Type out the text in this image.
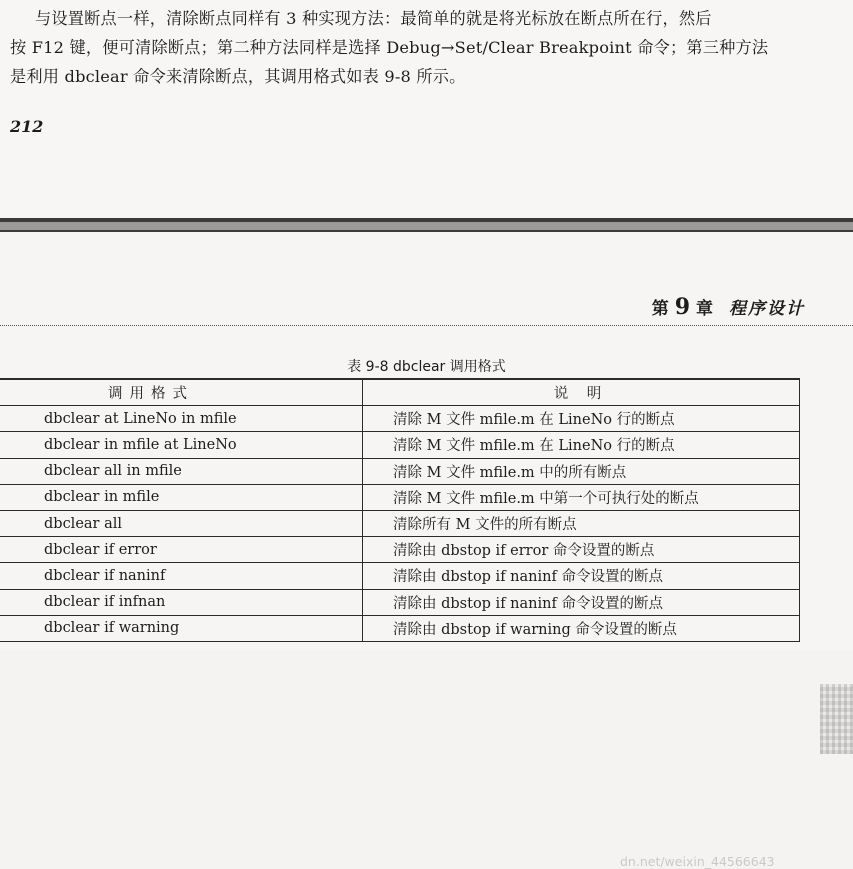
与设置断点一样，清除断点同样有 3 种实现方法：最简单的就是将光标放在断点所在行，然后
按 F12 键，便可清除断点；第二种方法同样是选择 Debug→Set/Clear Breakpoint 命令；第三种方法
是利用 dbclear 命令来清除断点，其调用格式如表 9-8 所示。
212
第 9 章 程序设计
表 9-8 dbclear 调用格式
调用格式	说 明
dbclear at LineNo in mfile	清除 M 文件 mfile.m 在 LineNo 行的断点
dbclear in mfile at LineNo	清除 M 文件 mfile.m 在 LineNo 行的断点
dbclear all in mfile	清除 M 文件 mfile.m 中的所有断点
dbclear in mfile	清除 M 文件 mfile.m 中第一个可执行处的断点
dbclear all	清除所有 M 文件的所有断点
dbclear if error	清除由 dbstop if error 命令设置的断点
dbclear if naninf	清除由 dbstop if naninf 命令设置的断点
dbclear if infnan	清除由 dbstop if naninf 命令设置的断点
dbclear if warning	清除由 dbstop if warning 命令设置的断点
dn.net/weixin_44566643
